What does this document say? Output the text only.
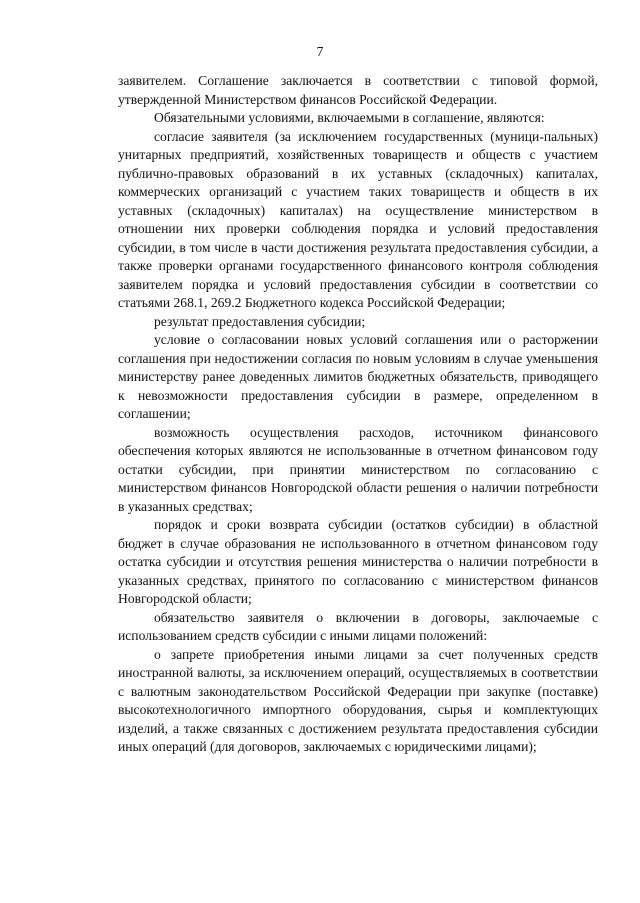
7

заявителем. Соглашение заключается в соответствии с типовой формой, утвержденной Министерством финансов Российской Федерации.

Обязательными условиями, включаемыми в соглашение, являются:

согласие заявителя (за исключением государственных (муници-пальных) унитарных предприятий, хозяйственных товариществ и обществ с участием публично-правовых образований в их уставных (складочных) капиталах, коммерческих организаций с участием таких товариществ и обществ в их уставных (складочных) капиталах) на осуществление министерством в отношении них проверки соблюдения порядка и условий предоставления субсидии, в том числе в части достижения результата предоставления субсидии, а также проверки органами государственного финансового контроля соблюдения заявителем порядка и условий предоставления субсидии в соответствии со статьями 268.1, 269.2 Бюджетного кодекса Российской Федерации;

результат предоставления субсидии;

условие о согласовании новых условий соглашения или о расторжении соглашения при недостижении согласия по новым условиям в случае уменьшения министерству ранее доведенных лимитов бюджетных обязательств, приводящего к невозможности предоставления субсидии в размере, определенном в соглашении;

возможность осуществления расходов, источником финансового обеспечения которых являются не использованные в отчетном финансовом году остатки субсидии, при принятии министерством по согласованию с министерством финансов Новгородской области решения о наличии потребности в указанных средствах;

порядок и сроки возврата субсидии (остатков субсидии) в областной бюджет в случае образования не использованного в отчетном финансовом году остатка субсидии и отсутствия решения министерства о наличии потребности в указанных средствах, принятого по согласованию с министерством финансов Новгородской области;

обязательство заявителя о включении в договоры, заключаемые с использованием средств субсидии с иными лицами положений:

о запрете приобретения иными лицами за счет полученных средств иностранной валюты, за исключением операций, осуществляемых в соответствии с валютным законодательством Российской Федерации при закупке (поставке) высокотехнологичного импортного оборудования, сырья и комплектующих изделий, а также связанных с достижением результата предоставления субсидии иных операций (для договоров, заключаемых с юридическими лицами);
